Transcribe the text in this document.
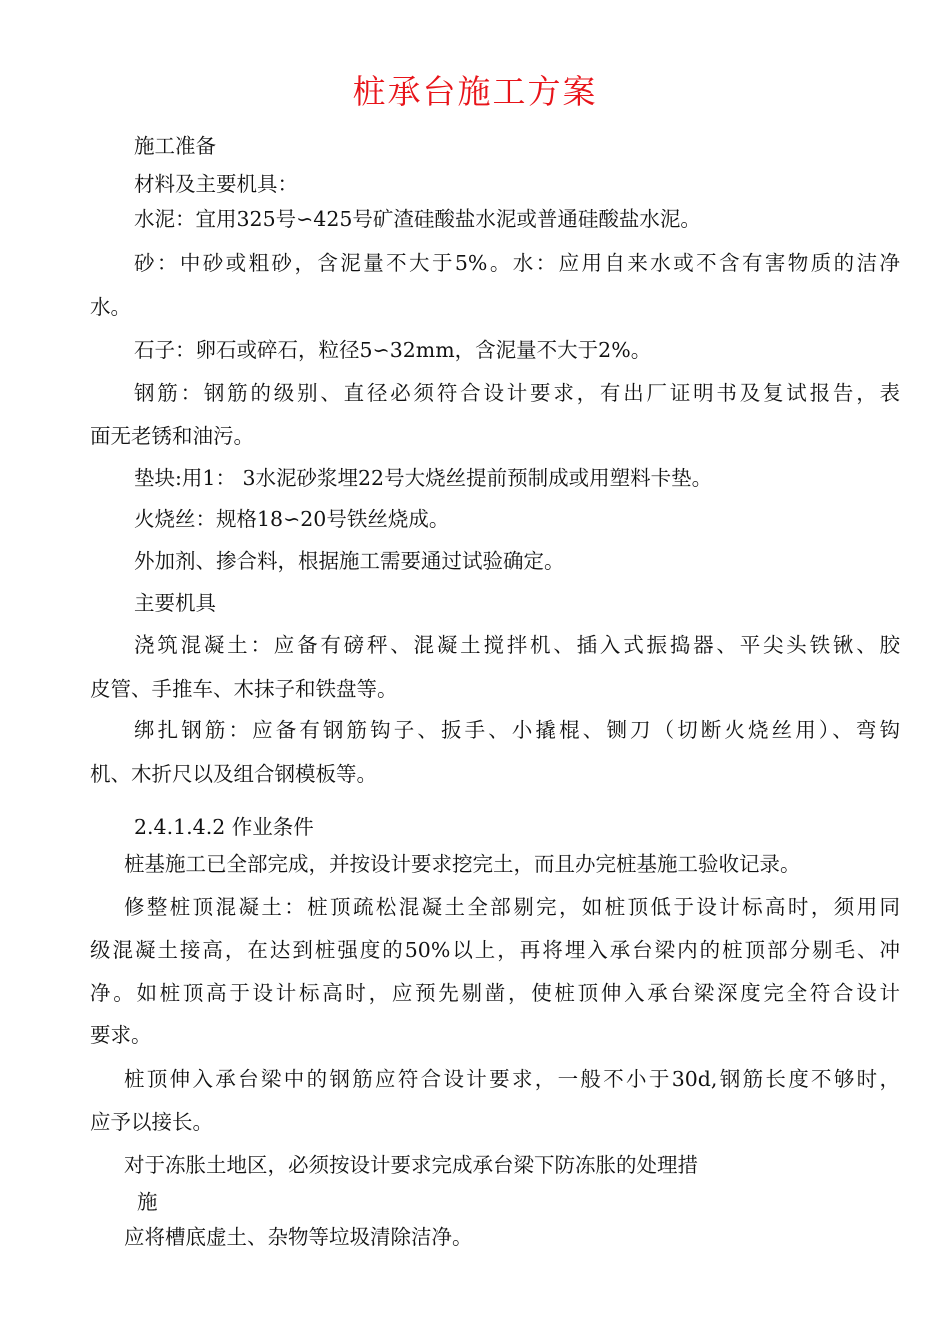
桩承台施工方案
施工准备
材料及主要机具：
水泥：宜用325号∽425号矿渣硅酸盐水泥或普通硅酸盐水泥。
砂：中砂或粗砂，含泥量不大于5%。水：应用自来水或不含有害物质的洁净
水。
石子：卵石或碎石，粒径5∽32mm，含泥量不大于2%。
钢筋：钢筋的级别、直径必须符合设计要求，有出厂证明书及复试报告，表
面无老锈和油污。
垫块:用1： 3水泥砂浆埋22号大烧丝提前预制成或用塑料卡垫。
火烧丝：规格18∽20号铁丝烧成。
外加剂、掺合料，根据施工需要通过试验确定。
主要机具
浇筑混凝土：应备有磅秤、混凝土搅拌机、插入式振捣器、平尖头铁锹、胶
皮管、手推车、木抹子和铁盘等。
绑扎钢筋：应备有钢筋钩子、扳手、小撬棍、铡刀（切断火烧丝用）、弯钩
机、木折尺以及组合钢模板等。
2.4.1.4.2 作业条件
桩基施工已全部完成，并按设计要求挖完土，而且办完桩基施工验收记录。
修整桩顶混凝土：桩顶疏松混凝土全部剔完，如桩顶低于设计标高时，须用同
级混凝土接高，在达到桩强度的50%以上，再将埋入承台梁内的桩顶部分剔毛、冲
净。如桩顶高于设计标高时，应预先剔凿，使桩顶伸入承台梁深度完全符合设计
要求。
桩顶伸入承台梁中的钢筋应符合设计要求，一般不小于30d,钢筋长度不够时，
应予以接长。
对于冻胀土地区，必须按设计要求完成承台梁下防冻胀的处理措
施
应将槽底虚土、杂物等垃圾清除洁净。
